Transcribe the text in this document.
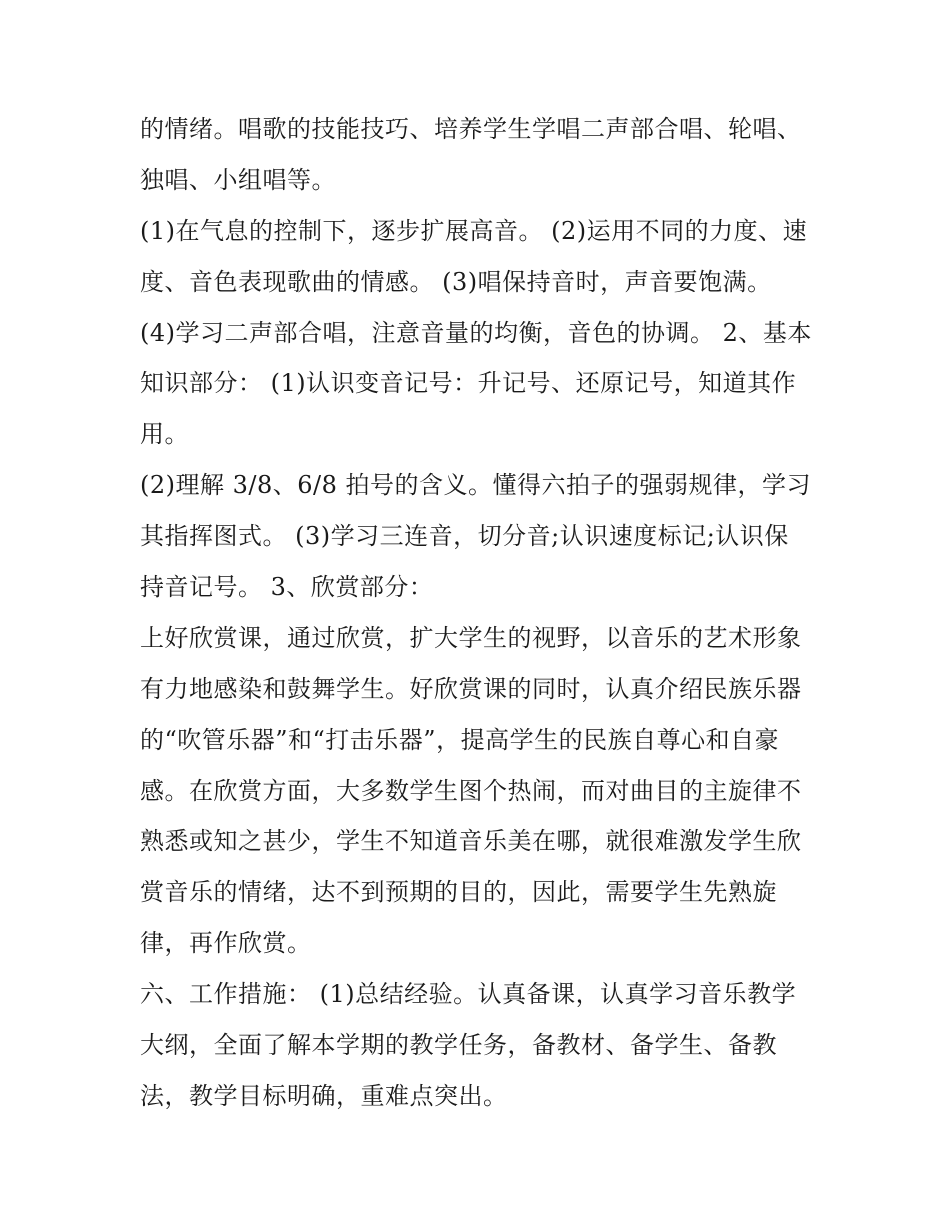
的情绪。唱歌的技能技巧、培养学生学唱二声部合唱、轮唱、
独唱、小组唱等。
(1)在气息的控制下，逐步扩展高音。 (2)运用不同的力度、速
度、音色表现歌曲的情感。 (3)唱保持音时，声音要饱满。
(4)学习二声部合唱，注意音量的均衡，音色的协调。 2、基本
知识部分： (1)认识变音记号：升记号、还原记号，知道其作
用。
(2)理解 3/8、6/8 拍号的含义。懂得六拍子的强弱规律，学习
其指挥图式。 (3)学习三连音，切分音;认识速度标记;认识保
持音记号。 3、欣赏部分：
上好欣赏课，通过欣赏，扩大学生的视野，以音乐的艺术形象
有力地感染和鼓舞学生。好欣赏课的同时，认真介绍民族乐器
的“吹管乐器”和“打击乐器”，提高学生的民族自尊心和自豪
感。在欣赏方面，大多数学生图个热闹，而对曲目的主旋律不
熟悉或知之甚少，学生不知道音乐美在哪，就很难激发学生欣
赏音乐的情绪，达不到预期的目的，因此，需要学生先熟旋
律，再作欣赏。
六、工作措施： (1)总结经验。认真备课，认真学习音乐教学
大纲，全面了解本学期的教学任务，备教材、备学生、备教
法，教学目标明确，重难点突出。
